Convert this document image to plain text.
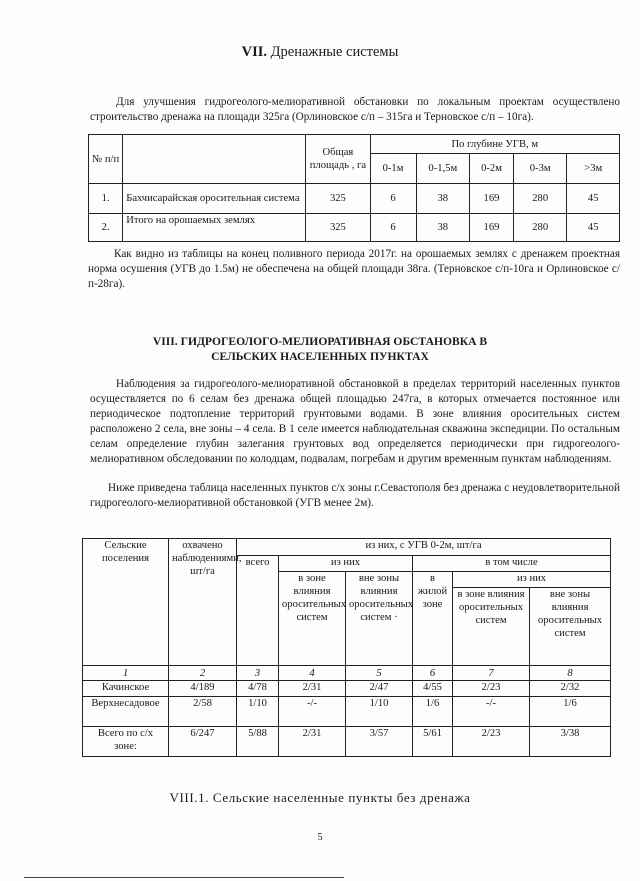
VII. Дренажные системы
Для улучшения гидрогеолого-мелиоративной обстановки по локальным проектам осуществлено строительство дренажа на площади 325га (Орлиновское с/п – 315га и Терновское с/п – 10га).
№ п/п		Общая площадь , га	По глубине УГВ, м				
			0-1м	0-1,5м	0-2м	0-3м	>3м
1.	Бахчисарайская оросительная система	325	6	38	169	280	45
2.	Итого на орошаемых землях	325	6	38	169	280	45
Как видно из таблицы на конец поливного периода 2017г. на орошаемых землях с дренажем проектная норма осушения (УГВ до 1.5м) не обеспечена на общей площади 38га. (Терновское с/п-10га и Орлиновское с/п-28га).
VIII. ГИДРОГЕОЛОГО-МЕЛИОРАТИВНАЯ ОБСТАНОВКА В
СЕЛЬСКИХ НАСЕЛЕННЫХ ПУНКТАХ
Наблюдения за гидрогеолого-мелиоративной обстановкой в пределах территорий населенных пунктов осуществляется по 6 селам без дренажа общей площадью 247га, в которых отмечается постоянное или периодическое подтопление территорий грунтовыми водами. В зоне влияния оросительных систем расположено 2 села, вне зоны – 4 села. В 1 селе имеется наблюдательная скважина экспедиции. По остальным селам определение глубин залегания грунтовых вод определяется периодически при гидрогеолого-мелиоративном обследовании по колодцам, подвалам, погребам и другим временным пунктам наблюдениям.
Ниже приведена таблица населенных пунктов с/х зоны г.Севастополя без дренажа с неудовлетворительной гидрогеолого-мелиоративной обстановкой (УГВ менее 2м).
Сельские поселения	охвачено наблюдениями, шт/га	из них, с УГВ 0-2м, шт/га					
		всего	из них		в том числе		
			в зоне влияния оросительных систем	вне зоны влияния оросительных систем ·	в жилой зоне	из них	
						в зоне влияния оросительных систем	вне зоны влияния оросительных систем

1	2	3	4	5	6	7	8
Качинское	4/189	4/78	2/31	2/47	4/55	2/23	2/32
Верхнесадовое	2/58	1/10	-/-	1/10	1/6	-/-	1/6
Всего по с/х зоне:	6/247	5/88	2/31	3/57	5/61	2/23	3/38
VIII.1. Сельские населенные пункты без дренажа
5
